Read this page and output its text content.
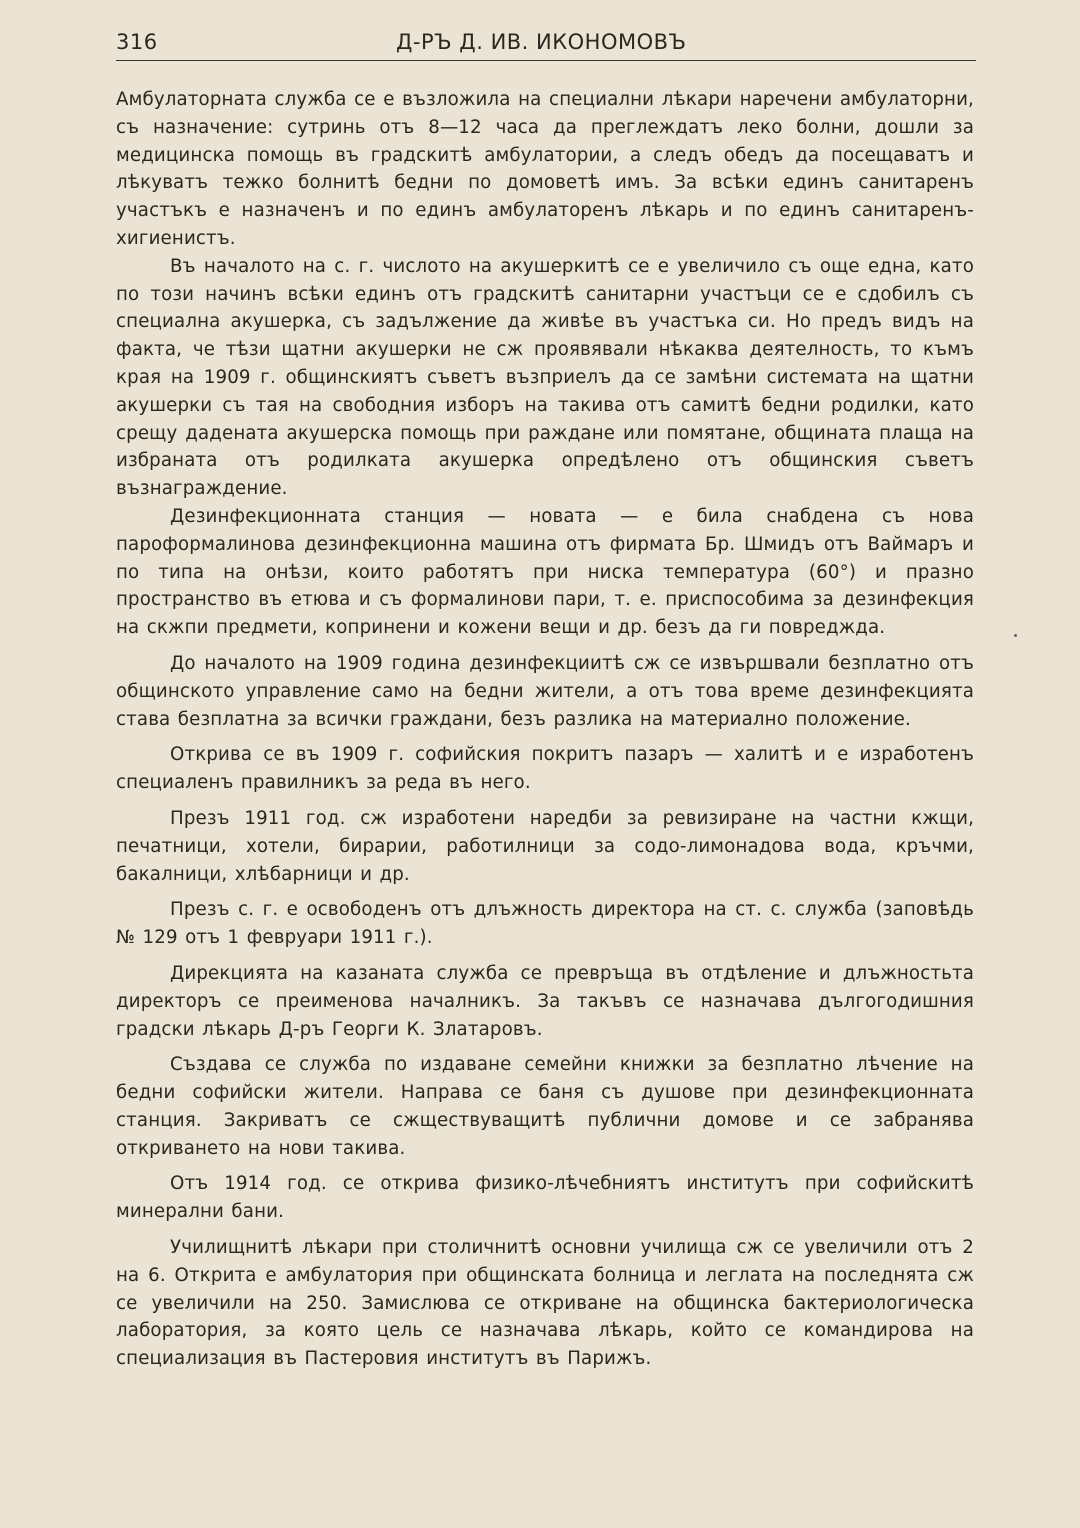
316	Д-РЪ Д. ИВ. ИКОНОМОВЪ

Амбулаторната служба се е възложила на специални лѣкари наречени амбулаторни, съ назначение: сутринь отъ 8—12 часа да преглеждатъ леко болни, дошли за медицинска помощь въ градскитѣ амбулатории, а следъ обедъ да посещаватъ и лѣкуватъ тежко болнитѣ бедни по домоветѣ имъ. За всѣки единъ санитаренъ участъкъ е назначенъ и по единъ амбулаторенъ лѣкарь и по единъ санитаренъ-хигиенистъ.

Въ началото на с. г. числото на акушеркитѣ се е увеличило съ още една, като по този начинъ всѣки единъ отъ градскитѣ санитарни участъци се е сдобилъ съ специална акушерка, съ задължение да живѣе въ участъка си. Но предъ видъ на факта, че тѣзи щатни акушерки не сж проявявали нѣкаква деятелность, то къмъ края на 1909 г. общинскиятъ съветъ възприелъ да се замѣни системата на щатни акушерки съ тая на свободния изборъ на такива отъ самитѣ бедни родилки, като срещу дадената акушерска помощь при раждане или помятане, общината плаща на избраната отъ родилката акушерка опредѣлено отъ общинския съветъ възнаграждение.

Дезинфекционната станция — новата — е била снабдена съ нова пароформалинова дезинфекционна машина отъ фирмата Бр. Шмидъ отъ Ваймаръ и по типа на онѣзи, които работятъ при ниска температура (60°) и празно пространство въ етюва и съ формалинови пари, т. е. приспособима за дезинфекция на скжпи предмети, копринени и кожени вещи и др. безъ да ги повреджда.

До началото на 1909 година дезинфекциитѣ сж се извършвали безплатно отъ общинското управление само на бедни жители, а отъ това време дезинфекцията става безплатна за всички граждани, безъ разлика на материално положение.

Открива се въ 1909 г. софийския покритъ пазаръ — халитѣ и е изработенъ специаленъ правилникъ за реда въ него.

Презъ 1911 год. сж изработени наредби за ревизиране на частни кжщи, печатници, хотели, бирарии, работилници за содо-лимонадова вода, кръчми, бакалници, хлѣбарници и др.

Презъ с. г. е освободенъ отъ длъжность директора на ст. с. служба (заповѣдь № 129 отъ 1 февруари 1911 г.).

Дирекцията на казаната служба се превръща въ отдѣление и длъжностьта директоръ се преименова началникъ. За такъвъ се назначава дългогодишния градски лѣкарь Д-ръ Георги К. Златаровъ.

Създава се служба по издаване семейни книжки за безплатно лѣчение на бедни софийски жители. Направа се баня съ душове при дезинфекционната станция. Закриватъ се сжществуващитѣ публични домове и се забранява откриването на нови такива.

Отъ 1914 год. се открива физико-лѣчебниятъ институтъ при софийскитѣ минерални бани.

Училищнитѣ лѣкари при столичнитѣ основни училища сж се увеличили отъ 2 на 6. Открита е амбулатория при общинската болница и леглата на последнята сж се увеличили на 250. Замислюва се откриване на общинска бактериологическа лаборатория, за която цель се назначава лѣкарь, който се командирова на специализация въ Пастеровия институтъ въ Парижъ.
